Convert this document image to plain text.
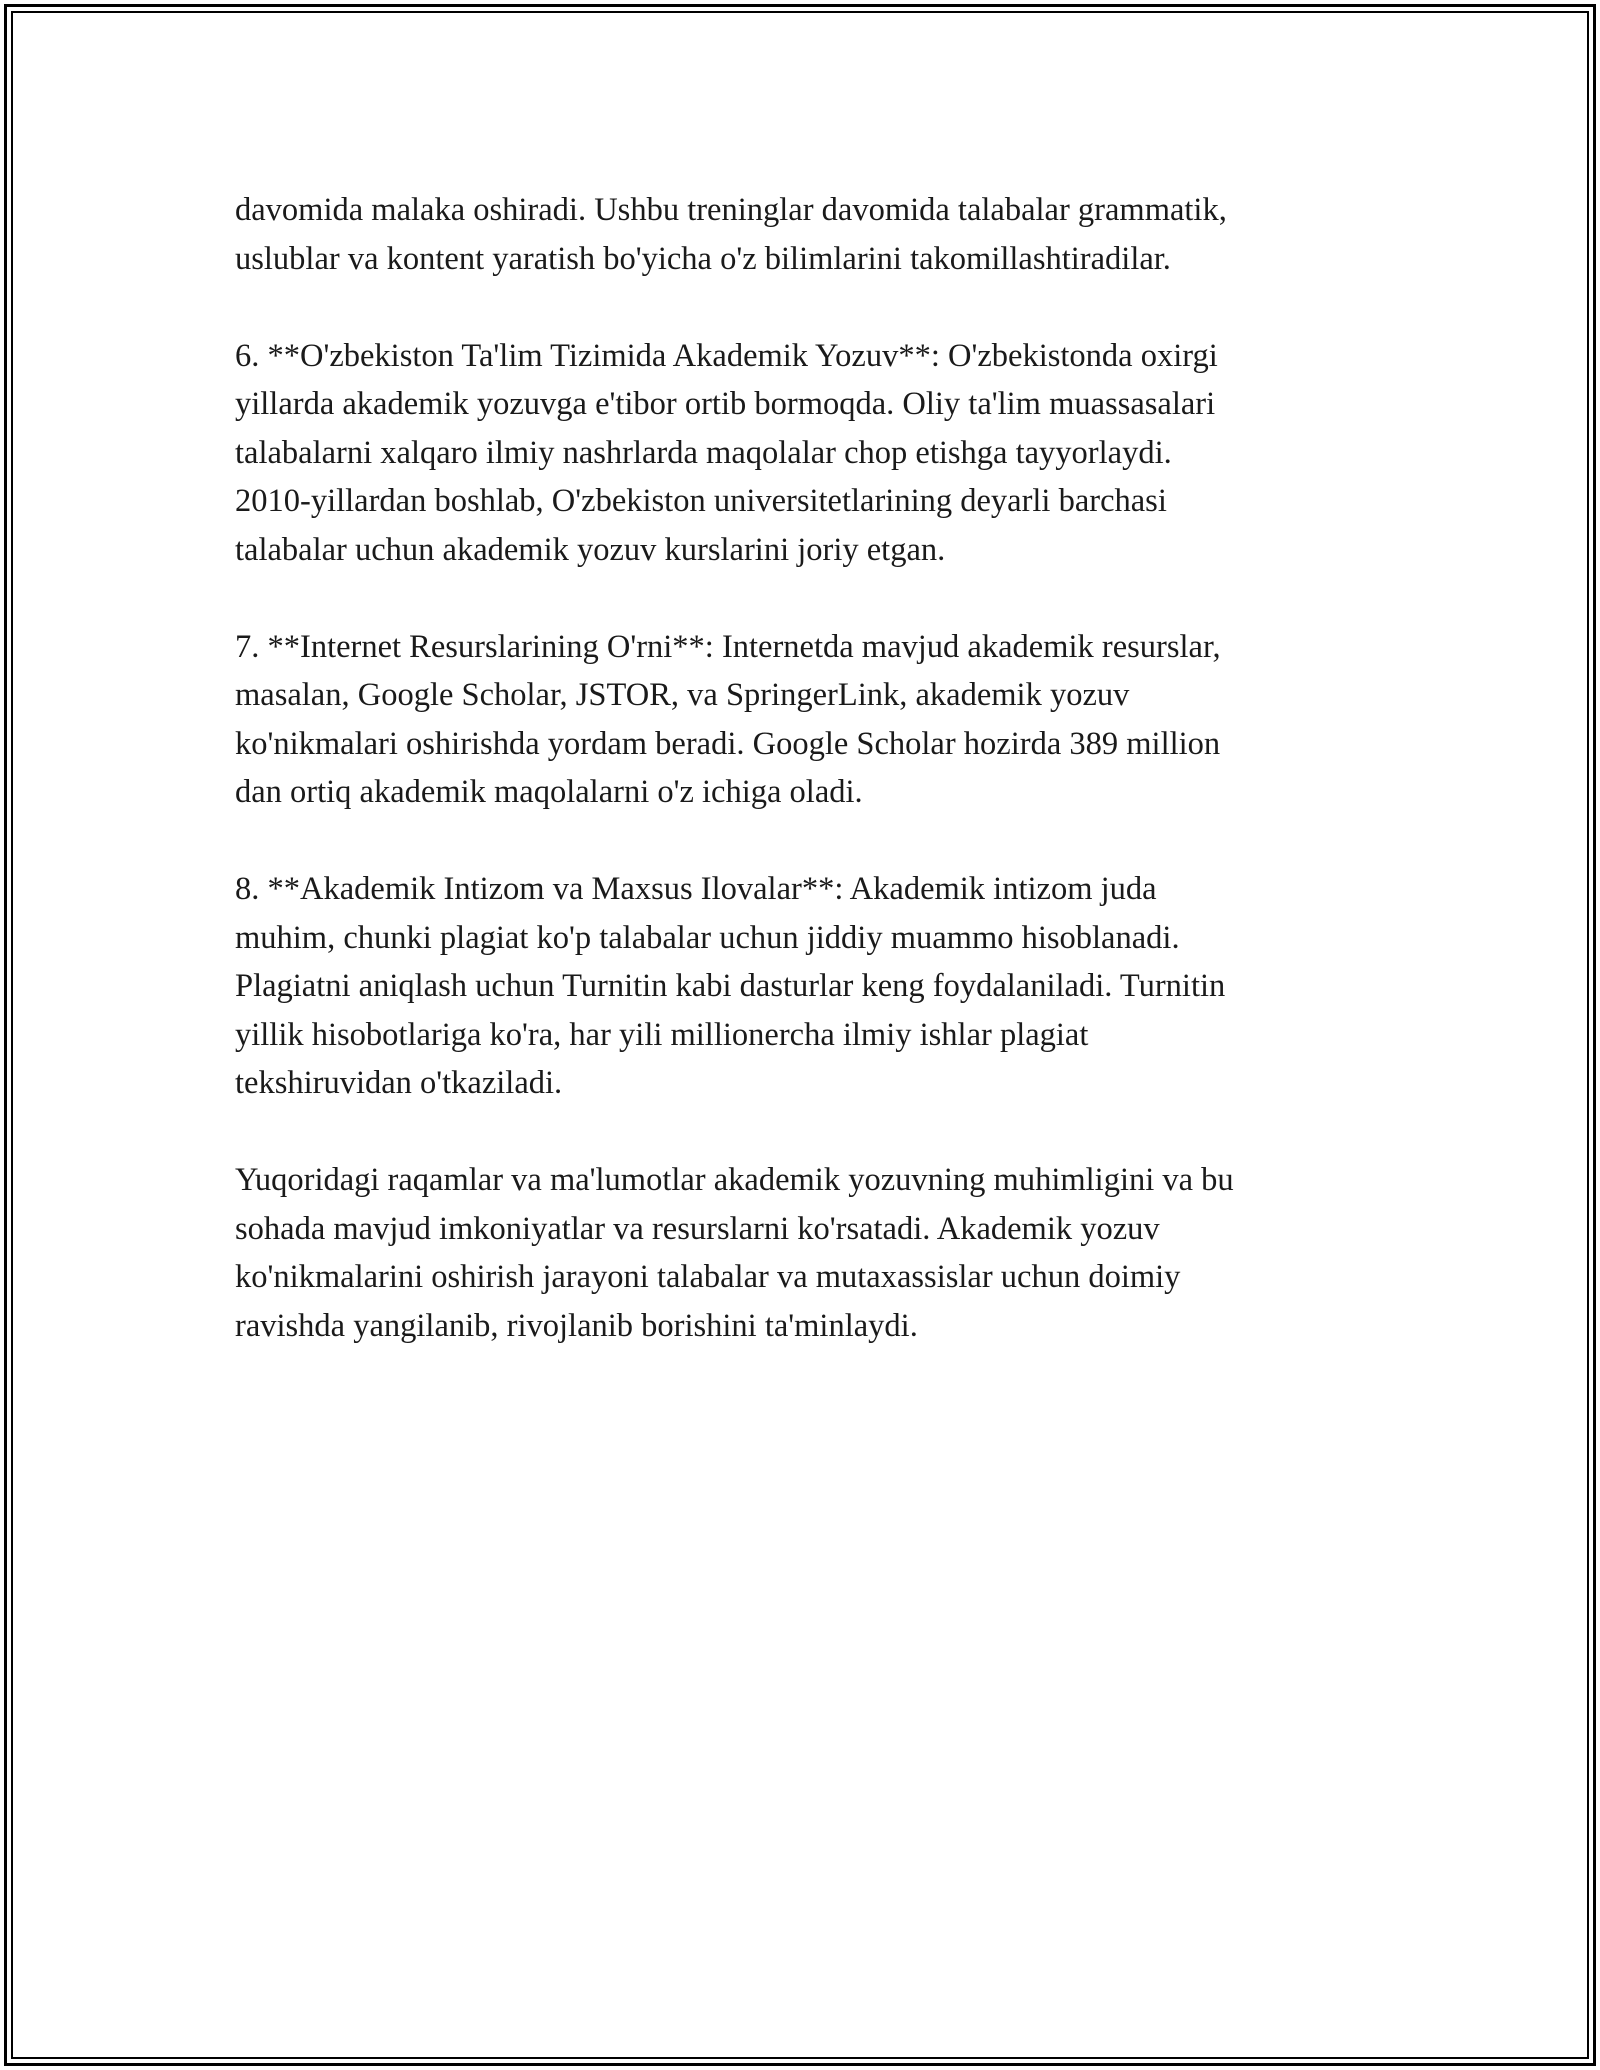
davomida malaka oshiradi. Ushbu treninglar davomida talabalar grammatik,
uslublar va kontent yaratish bo'yicha o'z bilimlarini takomillashtiradilar.

6. **O'zbekiston Ta'lim Tizimida Akademik Yozuv**: O'zbekistonda oxirgi
yillarda akademik yozuvga e'tibor ortib bormoqda. Oliy ta'lim muassasalari
talabalarni xalqaro ilmiy nashrlarda maqolalar chop etishga tayyorlaydi.
2010-yillardan boshlab, O'zbekiston universitetlarining deyarli barchasi
talabalar uchun akademik yozuv kurslarini joriy etgan.

7. **Internet Resurslarining O'rni**: Internetda mavjud akademik resurslar,
masalan, Google Scholar, JSTOR, va SpringerLink, akademik yozuv
ko'nikmalari oshirishda yordam beradi. Google Scholar hozirda 389 million
dan ortiq akademik maqolalarni o'z ichiga oladi.

8. **Akademik Intizom va Maxsus Ilovalar**: Akademik intizom juda
muhim, chunki plagiat ko'p talabalar uchun jiddiy muammo hisoblanadi.
Plagiatni aniqlash uchun Turnitin kabi dasturlar keng foydalaniladi. Turnitin
yillik hisobotlariga ko'ra, har yili millionercha ilmiy ishlar plagiat
tekshiruvidan o'tkaziladi.

Yuqoridagi raqamlar va ma'lumotlar akademik yozuvning muhimligini va bu
sohada mavjud imkoniyatlar va resurslarni ko'rsatadi. Akademik yozuv
ko'nikmalarini oshirish jarayoni talabalar va mutaxassislar uchun doimiy
ravishda yangilanib, rivojlanib borishini ta'minlaydi.
